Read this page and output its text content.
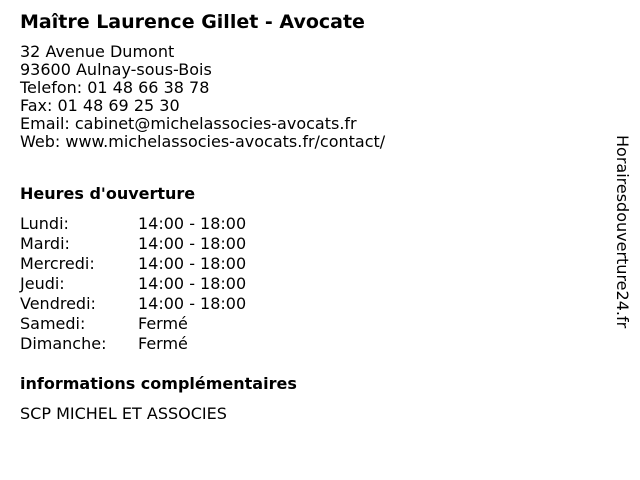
Maître Laurence Gillet - Avocate
32 Avenue Dumont
93600 Aulnay-sous-Bois
Telefon: 01 48 66 38 78
Fax: 01 48 69 25 30
Email: cabinet@michelassocies-avocats.fr
Web: www.michelassocies-avocats.fr/contact/
Heures d'ouverture
Lundi:	14:00 - 18:00
Mardi:	14:00 - 18:00
Mercredi:	14:00 - 18:00
Jeudi:	14:00 - 18:00
Vendredi:	14:00 - 18:00
Samedi:	Fermé
Dimanche:	Fermé
informations complémentaires
SCP MICHEL ET ASSOCIES
Horairesdouverture24.fr
